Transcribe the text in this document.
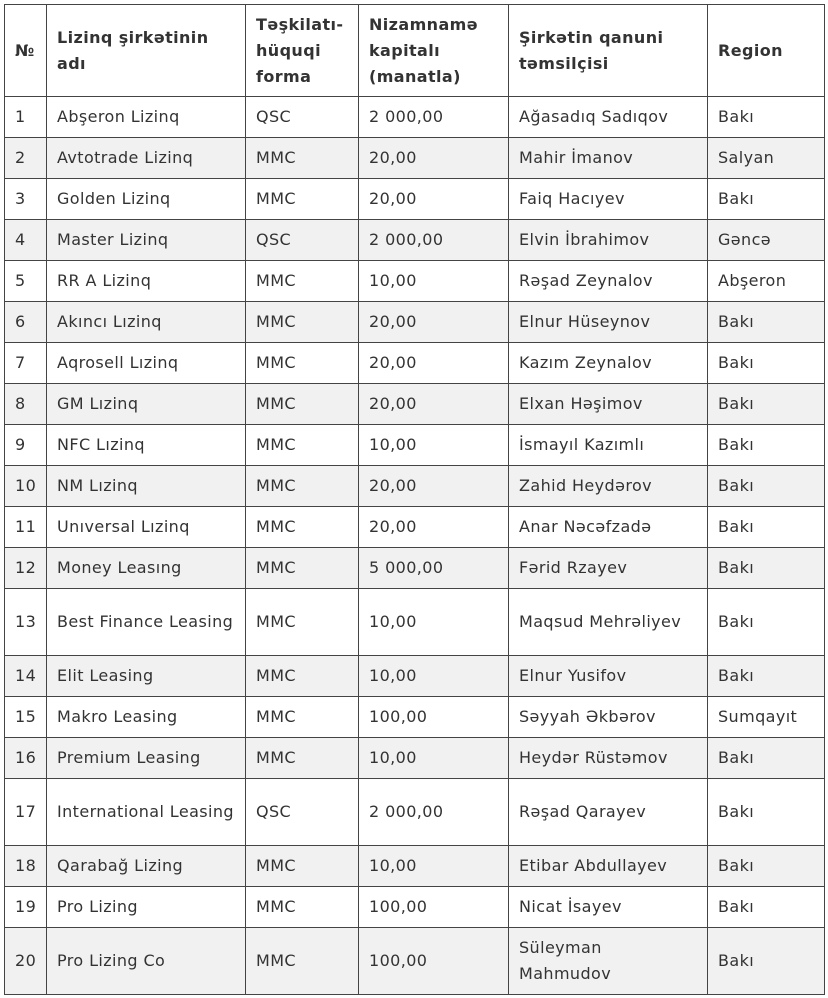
№	Lizinq şirkətinin adı	Təşkilatı-hüquqi forma	Nizamnamə kapitalı (manatla)	Şirkətin qanuni təmsilçisi	Region
1	Abşeron Lizinq	QSC	2 000,00	Ağasadıq Sadıqov	Bakı
2	Avtotrade Lizinq	MMC	20,00	Mahir İmanov	Salyan
3	Golden Lizinq	MMC	20,00	Faiq Hacıyev	Bakı
4	Master Lizinq	QSC	2 000,00	Elvin İbrahimov	Gəncə
5	RR A Lizinq	MMC	10,00	Rəşad Zeynalov	Abşeron
6	Akıncı Lızinq	MMC	20,00	Elnur Hüseynov	Bakı
7	Aqrosell Lızinq	MMC	20,00	Kazım Zeynalov	Bakı
8	GM Lızinq	MMC	20,00	Elxan Həşimov	Bakı
9	NFC Lızinq	MMC	10,00	İsmayıl Kazımlı	Bakı
10	NM Lızinq	MMC	20,00	Zahid Heydərov	Bakı
11	Unıversal Lızinq	MMC	20,00	Anar Nəcəfzadə	Bakı
12	Money Leasıng	MMC	5 000,00	Fərid Rzayev	Bakı
13	Best Finance Leasing	MMC	10,00	Maqsud Mehrəliyev	Bakı
14	Elit Leasing	MMC	10,00	Elnur Yusifov	Bakı
15	Makro Leasing	MMC	100,00	Səyyah Əkbərov	Sumqayıt
16	Premium Leasing	MMC	10,00	Heydər Rüstəmov	Bakı
17	International Leasing	QSC	2 000,00	Rəşad Qarayev	Bakı
18	Qarabağ Lizing	MMC	10,00	Etibar Abdullayev	Bakı
19	Pro Lizing	MMC	100,00	Nicat İsayev	Bakı
20	Pro Lizing Co	MMC	100,00	Süleyman Mahmudov	Bakı
